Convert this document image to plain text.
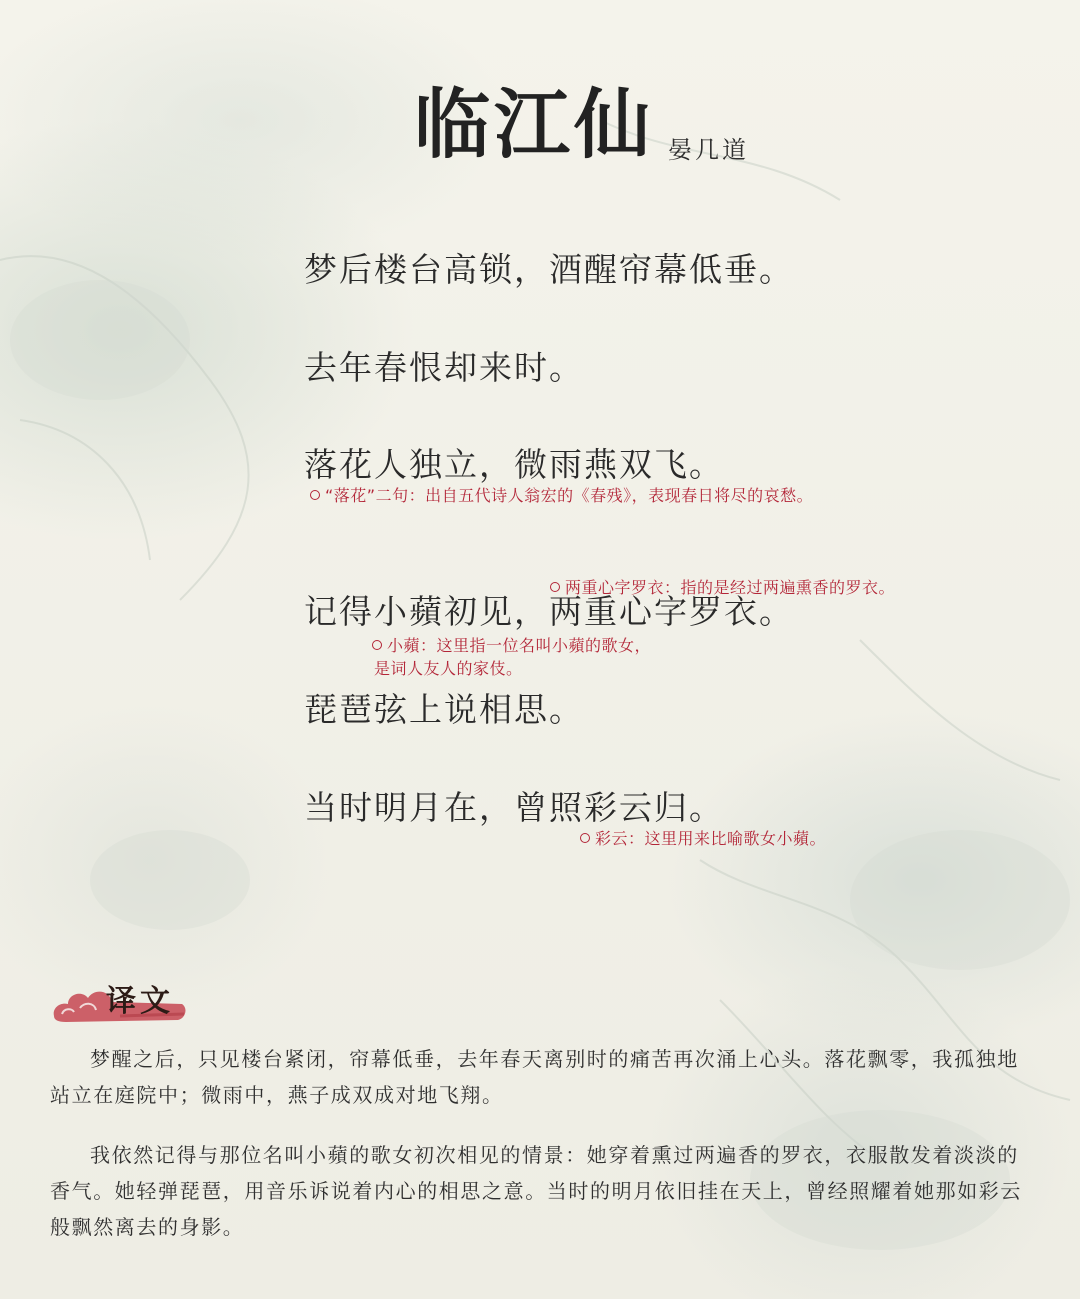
临江仙 晏几道
梦后楼台高锁，酒醒帘幕低垂。
去年春恨却来时。
落花人独立，微雨燕双飞。
“落花”二句：出自五代诗人翁宏的《春残》，表现春日将尽的哀愁。
两重心字罗衣：指的是经过两遍熏香的罗衣。
记得小蘋初见，两重心字罗衣。
小蘋：这里指一位名叫小蘋的歌女，
是词人友人的家伎。
琵琶弦上说相思。
当时明月在，曾照彩云归。
彩云：这里用来比喻歌女小蘋。
译文

梦醒之后，只见楼台紧闭，帘幕低垂，去年春天离别时的痛苦再次涌上心头。落花飘零，我孤独地站立在庭院中；微雨中，燕子成双成对地飞翔。

我依然记得与那位名叫小蘋的歌女初次相见的情景：她穿着熏过两遍香的罗衣，衣服散发着淡淡的香气。她轻弹琵琶，用音乐诉说着内心的相思之意。当时的明月依旧挂在天上，曾经照耀着她那如彩云般飘然离去的身影。
